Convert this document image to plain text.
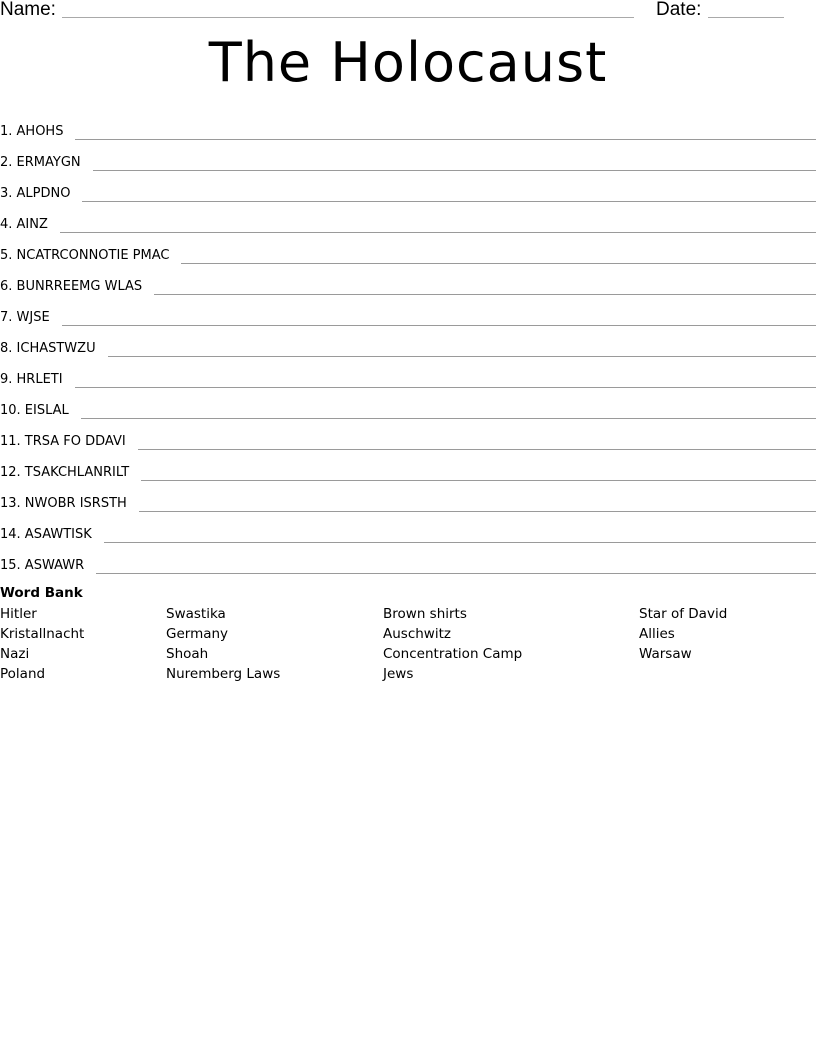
Name:	Date:
The Holocaust
1. AHOHS
2. ERMAYGN
3. ALPDNO
4. AINZ
5. NCATRCONNOTIE PMAC
6. BUNRREEMG WLAS
7. WJSE
8. ICHASTWZU
9. HRLETI
10. EISLAL
11. TRSA FO DDAVI
12. TSAKCHLANRILT
13. NWOBR ISRSTH
14. ASAWTISK
15. ASWAWR
Word Bank
Hitler
Kristallnacht
Nazi
Poland
Swastika
Germany
Shoah
Nuremberg Laws
Brown shirts
Auschwitz
Concentration Camp
Jews
Star of David
Allies
Warsaw
